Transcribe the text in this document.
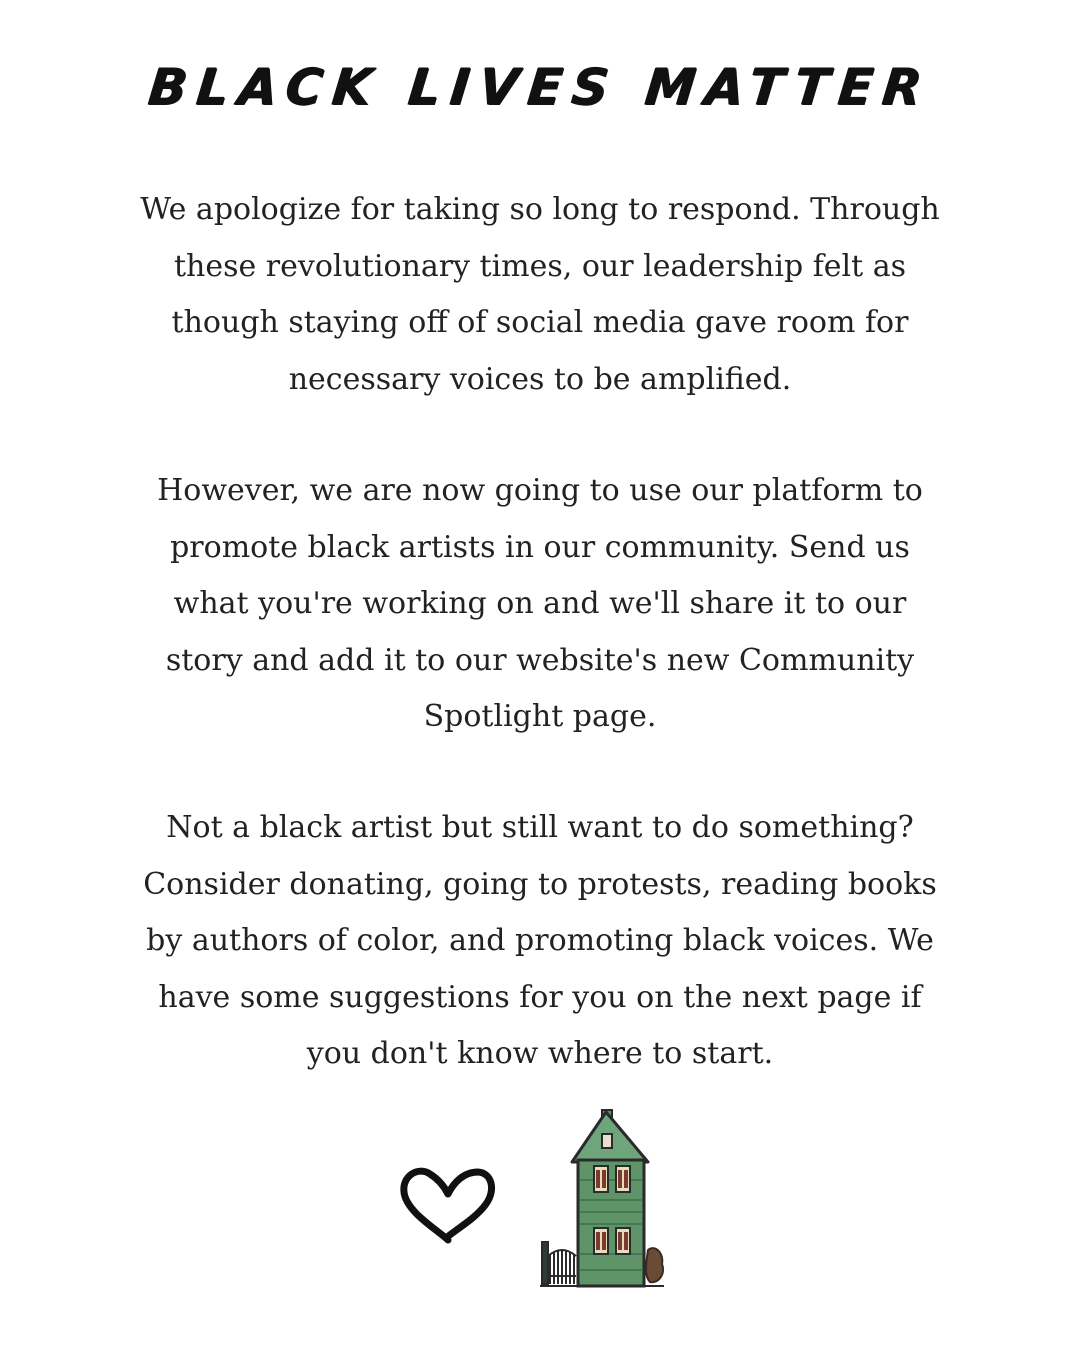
BLACK LIVES MATTER

We apologize for taking so long to respond. Through these revolutionary times, our leadership felt as though staying off of social media gave room for necessary voices to be amplified.

However, we are now going to use our platform to promote black artists in our community. Send us what you're working on and we'll share it to our story and add it to our website's new Community Spotlight page.

Not a black artist but still want to do something? Consider donating, going to protests, reading books by authors of color, and promoting black voices. We have some suggestions for you on the next page if you don't know where to start.
